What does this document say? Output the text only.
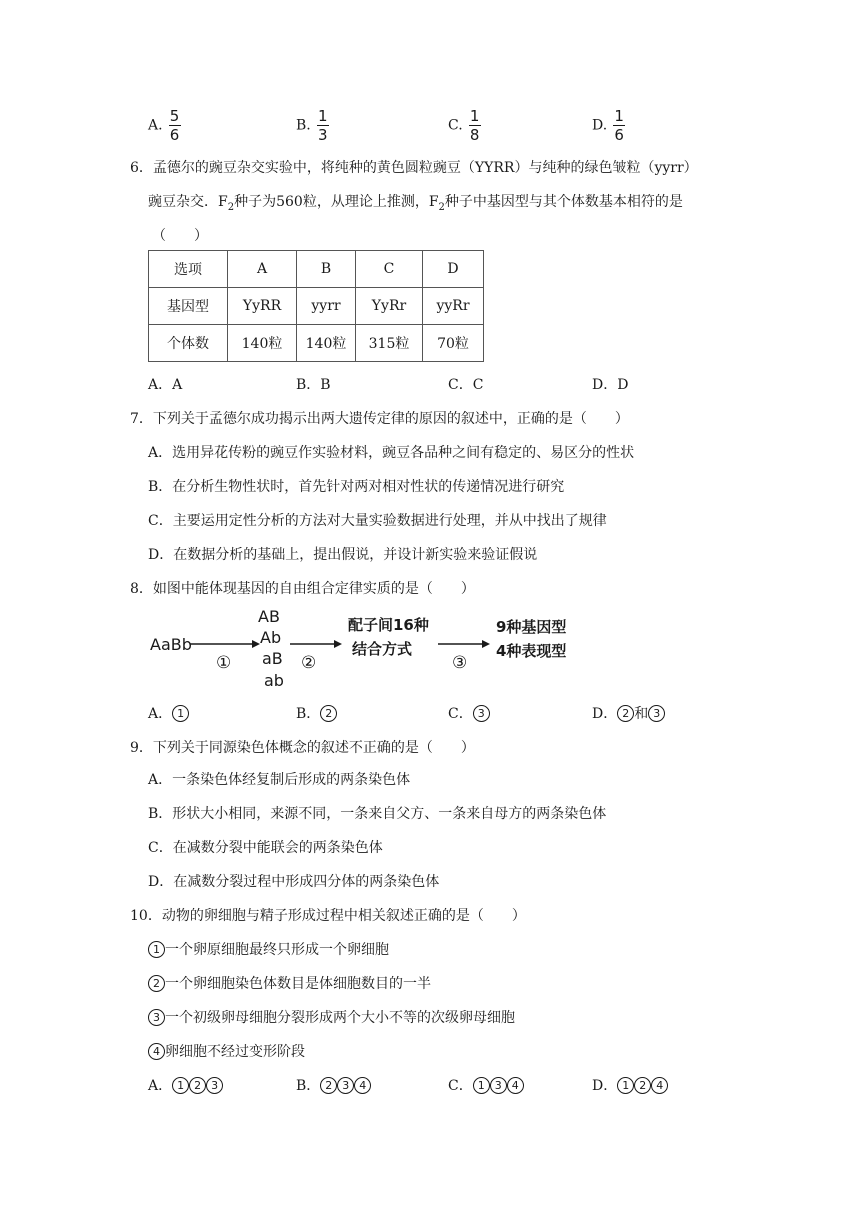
A. $\frac{5}{6}$	B. $\frac{1}{3}$	C. $\frac{1}{8}$	D. $\frac{1}{6}$
6．孟德尔的豌豆杂交实验中，将纯种的黄色圆粒豌豆（YYRR）与纯种的绿色皱粒（yyrr）
豌豆杂交．$F_2$种子为560粒，从理论上推测，$F_2$种子中基因型与其个体数基本相符的是
（　　）
选项	A	B	C	D
基因型	YyRR	yyrr	YyRr	yyRr
个体数	140粒	140粒	315粒	70粒
A．A	B．B	C．C	D．D
7．下列关于孟德尔成功揭示出两大遗传定律的原因的叙述中，正确的是（　　）
A．选用异花传粉的豌豆作实验材料，豌豆各品种之间有稳定的、易区分的性状
B．在分析生物性状时，首先针对两对相对性状的传递情况进行研究
C．主要运用定性分析的方法对大量实验数据进行处理，并从中找出了规律
D．在数据分析的基础上，提出假说，并设计新实验来验证假说
8．如图中能体现基因的自由组合定律实质的是（　　）
AaBb
①
AB
Ab
aB
ab
②
配子间16种
结合方式
③
9种基因型
4种表现型
A． 1	B． 2	C． 3	D． 2 和 3
9．下列关于同源染色体概念的叙述不正确的是（　　）
A．一条染色体经复制后形成的两条染色体
B．形状大小相同，来源不同，一条来自父方、一条来自母方的两条染色体
C．在减数分裂中能联会的两条染色体
D．在减数分裂过程中形成四分体的两条染色体
10．动物的卵细胞与精子形成过程中相关叙述正确的是（　　）
1 一个卵原细胞最终只形成一个卵细胞
2 一个卵细胞染色体数目是体细胞数目的一半
3 一个初级卵母细胞分裂形成两个大小不等的次级卵母细胞
4 卵细胞不经过变形阶段
A． 1 2 3	B． 2 3 4	C． 1 3 4	D． 1 2 4
